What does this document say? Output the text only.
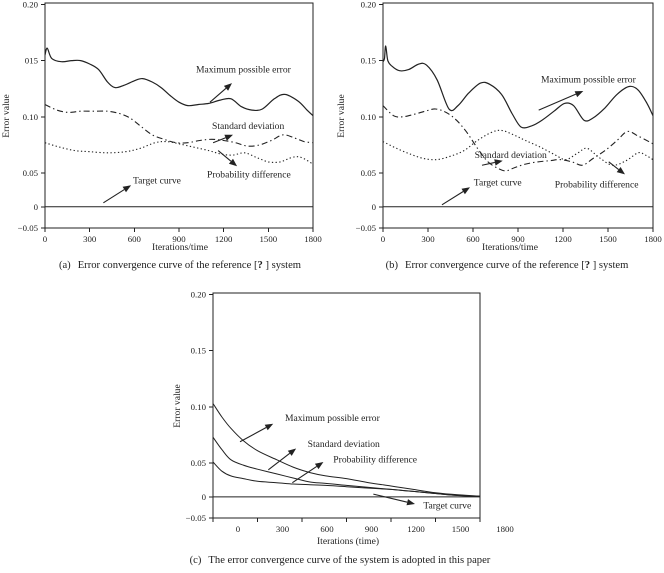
0.20
015
0.10
0.05
0
−0.05
0	300	600	900	1200	1500	1800
Iterations/time
Error value
Maximum possible error
Standard deviation
Probability difference
Target curve
0.20
0.15
0.10
0.05
0
−0.05
0	300	600	900	1200	1500	1800
Iterations/time
Error value
Maximum possible error
Standard deviation
Probability difference
Target curve
0.20
0.15
0.10
0.05
0
−0.05
0	300	600	900	1200	1500	1800
Iterations (time)
Error value	Maximum possible error
Standard deviation
Probability difference
Target curve
(a) Error convergence curve of the reference [? ] system	(b) Error convergence curve of the reference [? ] system
(c) The error convergence curve of the system is adopted in this paper
